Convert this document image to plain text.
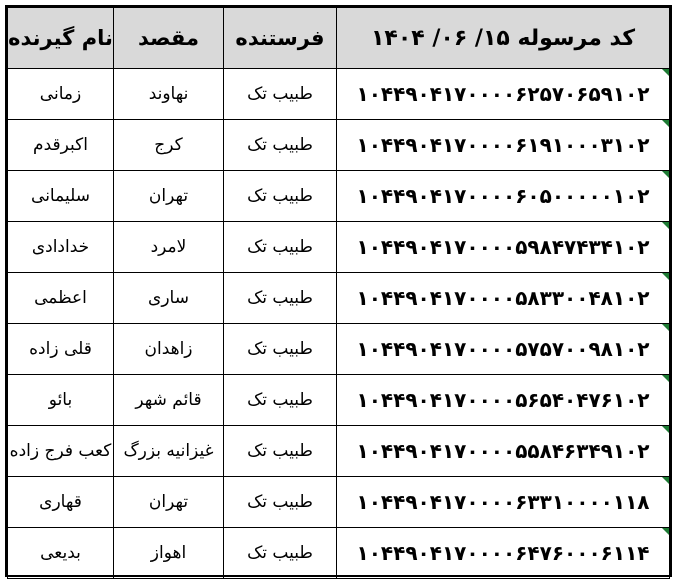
نام گیرنده	مقصد	فرستنده	کد مرسوله ۱۵/ ۰۶/ ۱۴۰۴
زمانی	نهاوند	طبیب تک	۱۰۴۴۹۰۴۱۷۰۰۰۰۶۲۵۷۰۶۵۹۱۰۲

اکبرقدم	کرج	طبیب تک	۱۰۴۴۹۰۴۱۷۰۰۰۰۶۱۹۱۰۰۰۳۱۰۲

سلیمانی	تهران	طبیب تک	۱۰۴۴۹۰۴۱۷۰۰۰۰۶۰۵۰۰۰۰۰۱۰۲

خدادادی	لامرد	طبیب تک	۱۰۴۴۹۰۴۱۷۰۰۰۰۵۹۸۴۷۴۳۴۱۰۲

اعظمی	ساری	طبیب تک	۱۰۴۴۹۰۴۱۷۰۰۰۰۵۸۳۳۰۰۴۸۱۰۲

قلی زاده	زاهدان	طبیب تک	۱۰۴۴۹۰۴۱۷۰۰۰۰۵۷۵۷۰۰۹۸۱۰۲

بائو	قائم شهر	طبیب تک	۱۰۴۴۹۰۴۱۷۰۰۰۰۵۶۵۴۰۴۷۶۱۰۲

کعب فرج زاده	غیزانیه بزرگ	طبیب تک	۱۰۴۴۹۰۴۱۷۰۰۰۰۵۵۸۴۶۳۴۹۱۰۲

قهاری	تهران	طبیب تک	۱۰۴۴۹۰۴۱۷۰۰۰۰۶۳۳۱۰۰۰۰۱۱۸

بدیعی	اهواز	طبیب تک	۱۰۴۴۹۰۴۱۷۰۰۰۰۶۴۷۶۰۰۰۶۱۱۴
